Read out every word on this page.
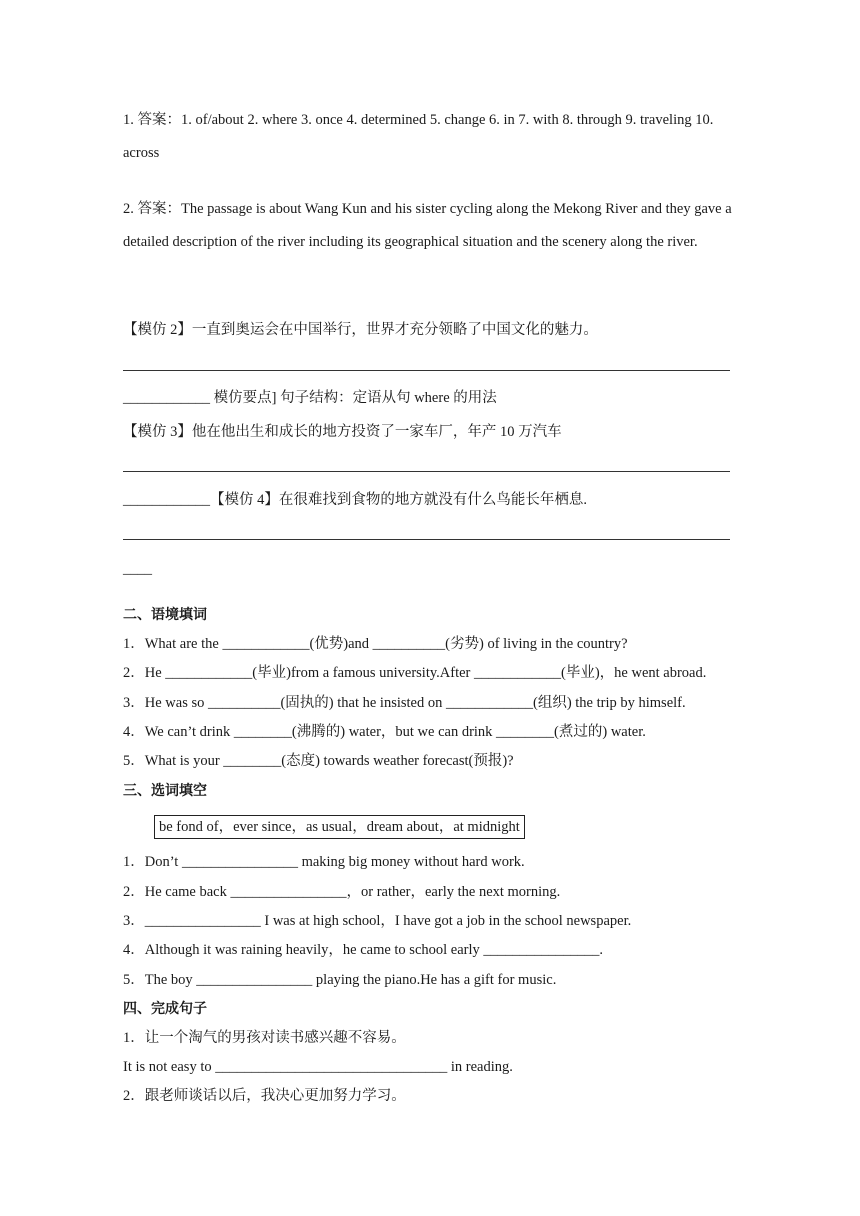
1. 答案：1. of/about 2. where 3. once 4. determined 5. change 6. in 7. with 8. through 9. traveling 10. across
2. 答案：The passage is about Wang Kun and his sister cycling along the Mekong River and they gave a detailed description of the river including its geographical situation and the scenery along the river.
【模仿 2】一直到奥运会在中国举行，世界才充分领略了中国文化的魅力。
____________ 模仿要点] 句子结构：定语从句 where 的用法
【模仿 3】他在他出生和成长的地方投资了一家车厂，年产 10 万汽车
____________【模仿 4】在很难找到食物的地方就没有什么鸟能长年栖息.
____
二、语境填词
1．What are the ____________(优势)and __________(劣势) of living in the country?
2．He ____________(毕业)from a famous university.After ____________(毕业)，he went abroad.
3．He was so __________(固执的) that he insisted on ____________(组织) the trip by himself.
4．We can’t drink ________(沸腾的) water，but we can drink ________(煮过的) water.
5．What is your ________(态度) towards weather forecast(预报)?
三、选词填空
be fond of，ever since，as usual，dream about，at midnight
1．Don’t ________________ making big money without hard work.
2．He came back ________________，or rather，early the next morning.
3．________________ I was at high school，I have got a job in the school newspaper.
4．Although it was raining heavily，he came to school early ________________.
5．The boy ________________ playing the piano.He has a gift for music.
四、完成句子
1．让一个淘气的男孩对读书感兴趣不容易。
It is not easy to ________________________________ in reading.
2．跟老师谈话以后，我决心更加努力学习。
